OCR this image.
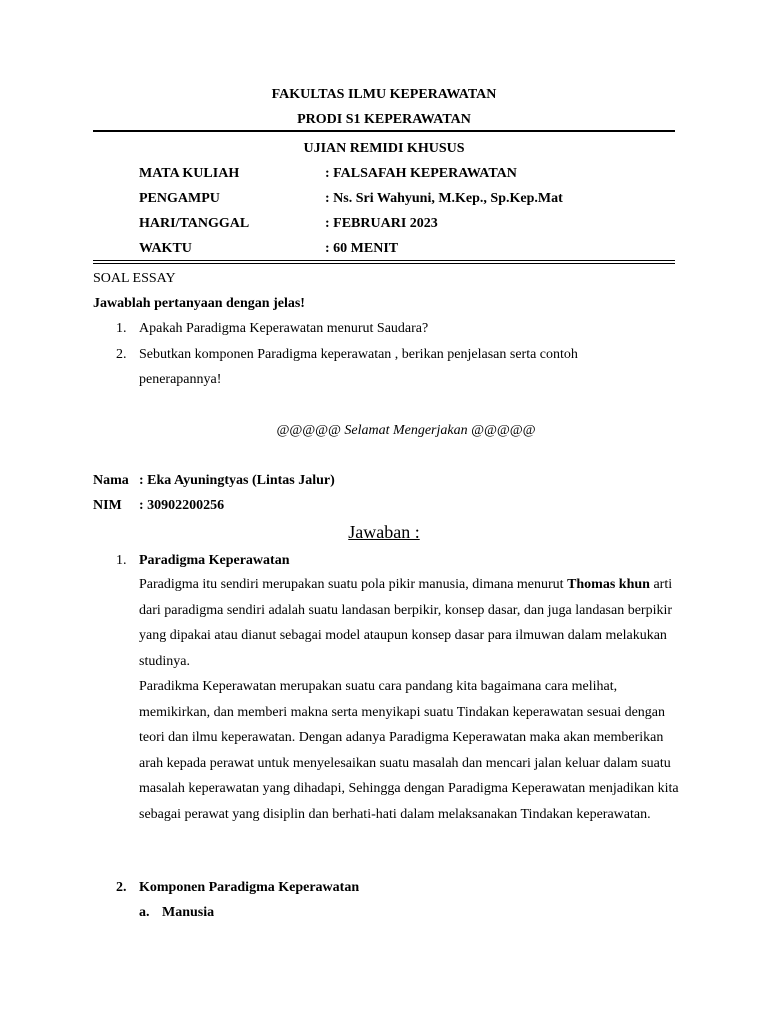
FAKULTAS ILMU KEPERAWATAN
PRODI S1 KEPERAWATAN
UJIAN REMIDI KHUSUS
MATA KULIAH	: FALSAFAH KEPERAWATAN
PENGAMPU	: Ns. Sri Wahyuni, M.Kep., Sp.Kep.Mat
HARI/TANGGAL	: FEBRUARI 2023
WAKTU	: 60 MENIT
SOAL ESSAY
Jawablah pertanyaan dengan jelas!
1. Apakah Paradigma Keperawatan menurut Saudara?
2. Sebutkan komponen Paradigma keperawatan , berikan penjelasan serta contoh
penerapannya!
@@@@@ Selamat Mengerjakan @@@@@
Nama : Eka Ayuningtyas (Lintas Jalur)
NIM : 30902200256
Jawaban :
1. Paradigma Keperawatan

Paradigma itu sendiri merupakan suatu pola pikir manusia, dimana menurut Thomas khun arti dari paradigma sendiri adalah suatu landasan berpikir, konsep dasar, dan juga landasan berpikir yang dipakai atau dianut sebagai model ataupun konsep dasar para ilmuwan dalam melakukan studinya.

Paradikma Keperawatan merupakan suatu cara pandang kita bagaimana cara melihat, memikirkan, dan memberi makna serta menyikapi suatu Tindakan keperawatan sesuai dengan teori dan ilmu keperawatan. Dengan adanya Paradigma Keperawatan maka akan memberikan arah kepada perawat untuk menyelesaikan suatu masalah dan mencari jalan keluar dalam suatu masalah keperawatan yang dihadapi, Sehingga dengan Paradigma Keperawatan menjadikan kita sebagai perawat yang disiplin dan berhati-hati dalam melaksanakan Tindakan keperawatan.

2. Komponen Paradigma Keperawatan
a. Manusia
